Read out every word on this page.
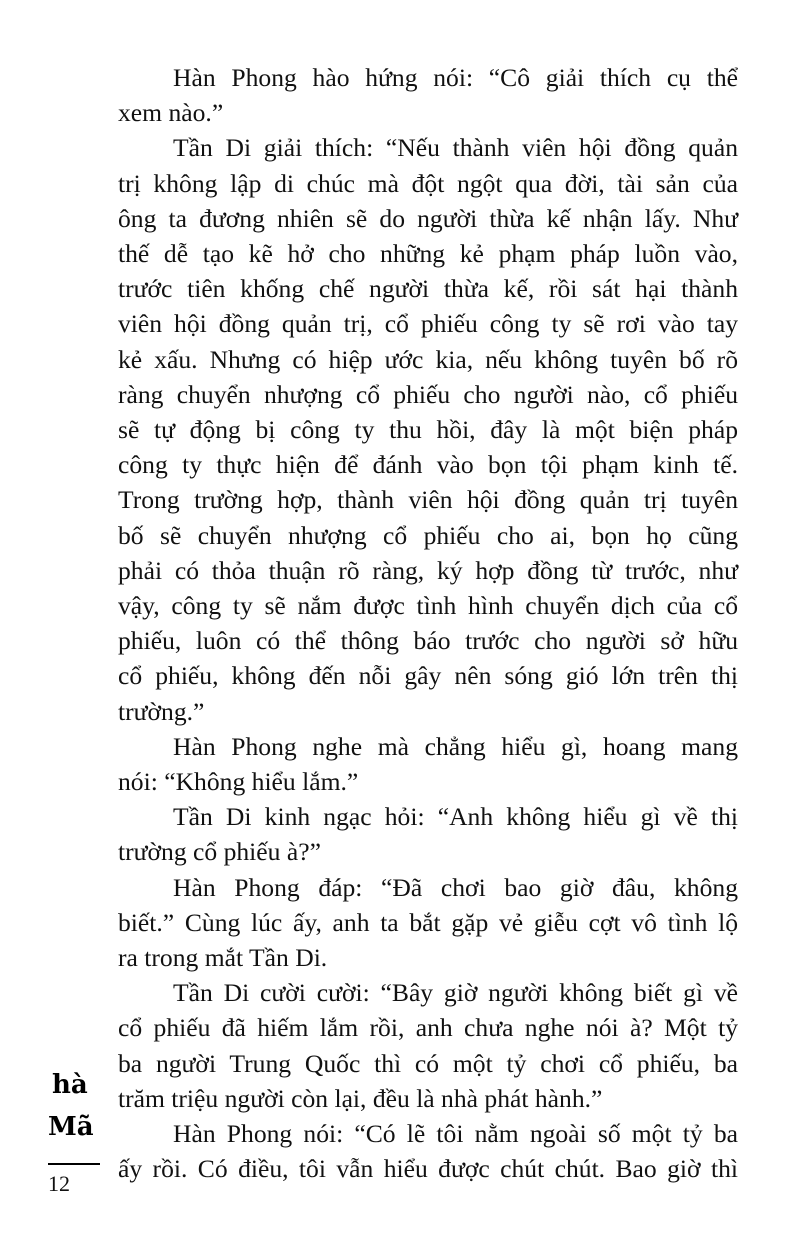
Hàn Phong hào hứng nói: “Cô giải thích cụ thể
xem nào.”
Tần Di giải thích: “Nếu thành viên hội đồng quản
trị không lập di chúc mà đột ngột qua đời, tài sản của
ông ta đương nhiên sẽ do người thừa kế nhận lấy. Như
thế dễ tạo kẽ hở cho những kẻ phạm pháp luồn vào,
trước tiên khống chế người thừa kế, rồi sát hại thành
viên hội đồng quản trị, cổ phiếu công ty sẽ rơi vào tay
kẻ xấu. Nhưng có hiệp ước kia, nếu không tuyên bố rõ
ràng chuyển nhượng cổ phiếu cho người nào, cổ phiếu
sẽ tự động bị công ty thu hồi, đây là một biện pháp
công ty thực hiện để đánh vào bọn tội phạm kinh tế.
Trong trường hợp, thành viên hội đồng quản trị tuyên
bố sẽ chuyển nhượng cổ phiếu cho ai, bọn họ cũng
phải có thỏa thuận rõ ràng, ký hợp đồng từ trước, như
vậy, công ty sẽ nắm được tình hình chuyển dịch của cổ
phiếu, luôn có thể thông báo trước cho người sở hữu
cổ phiếu, không đến nỗi gây nên sóng gió lớn trên thị
trường.”
Hàn Phong nghe mà chẳng hiểu gì, hoang mang
nói: “Không hiểu lắm.”
Tần Di kinh ngạc hỏi: “Anh không hiểu gì về thị
trường cổ phiếu à?”
Hàn Phong đáp: “Đã chơi bao giờ đâu, không
biết.” Cùng lúc ấy, anh ta bắt gặp vẻ giễu cợt vô tình lộ
ra trong mắt Tần Di.
Tần Di cười cười: “Bây giờ người không biết gì về
cổ phiếu đã hiếm lắm rồi, anh chưa nghe nói à? Một tỷ
ba người Trung Quốc thì có một tỷ chơi cổ phiếu, ba
trăm triệu người còn lại, đều là nhà phát hành.”
Hàn Phong nói: “Có lẽ tôi nằm ngoài số một tỷ ba
ấy rồi. Có điều, tôi vẫn hiểu được chút chút. Bao giờ thì
hà
Mã
12
